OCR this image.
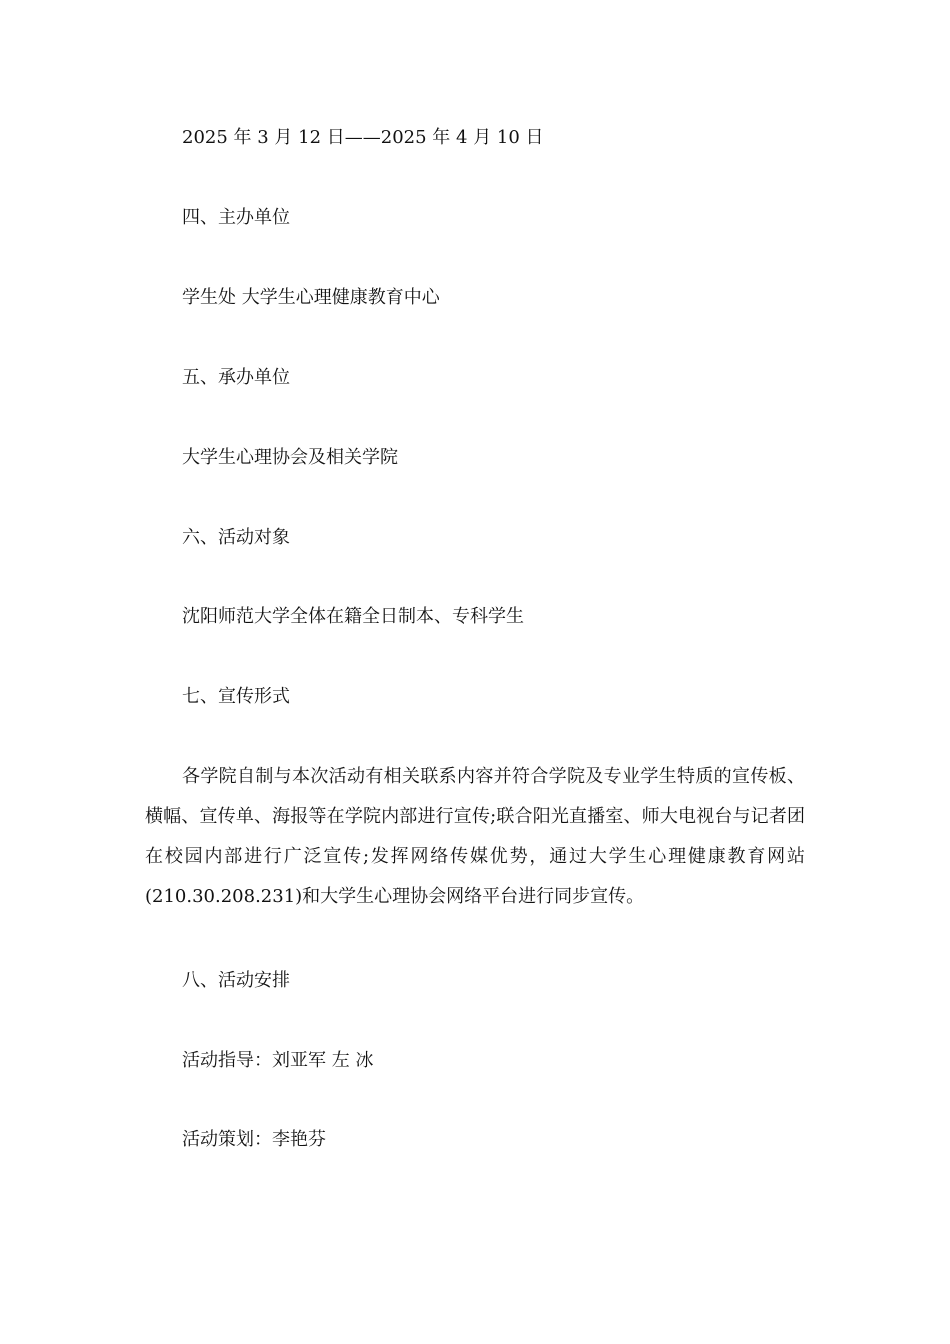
2025 年 3 月 12 日——2025 年 4 月 10 日
四、主办单位
学生处 大学生心理健康教育中心
五、承办单位
大学生心理协会及相关学院
六、活动对象
沈阳师范大学全体在籍全日制本、专科学生
七、宣传形式
各学院自制与本次活动有相关联系内容并符合学院及专业学生特质的宣传板、横幅、宣传单、海报等在学院内部进行宣传;联合阳光直播室、师大电视台与记者团在校园内部进行广泛宣传;发挥网络传媒优势，通过大学生心理健康教育网站(210.30.208.231)和大学生心理协会网络平台进行同步宣传。
八、活动安排
活动指导：刘亚军 左 冰
活动策划：李艳芬
